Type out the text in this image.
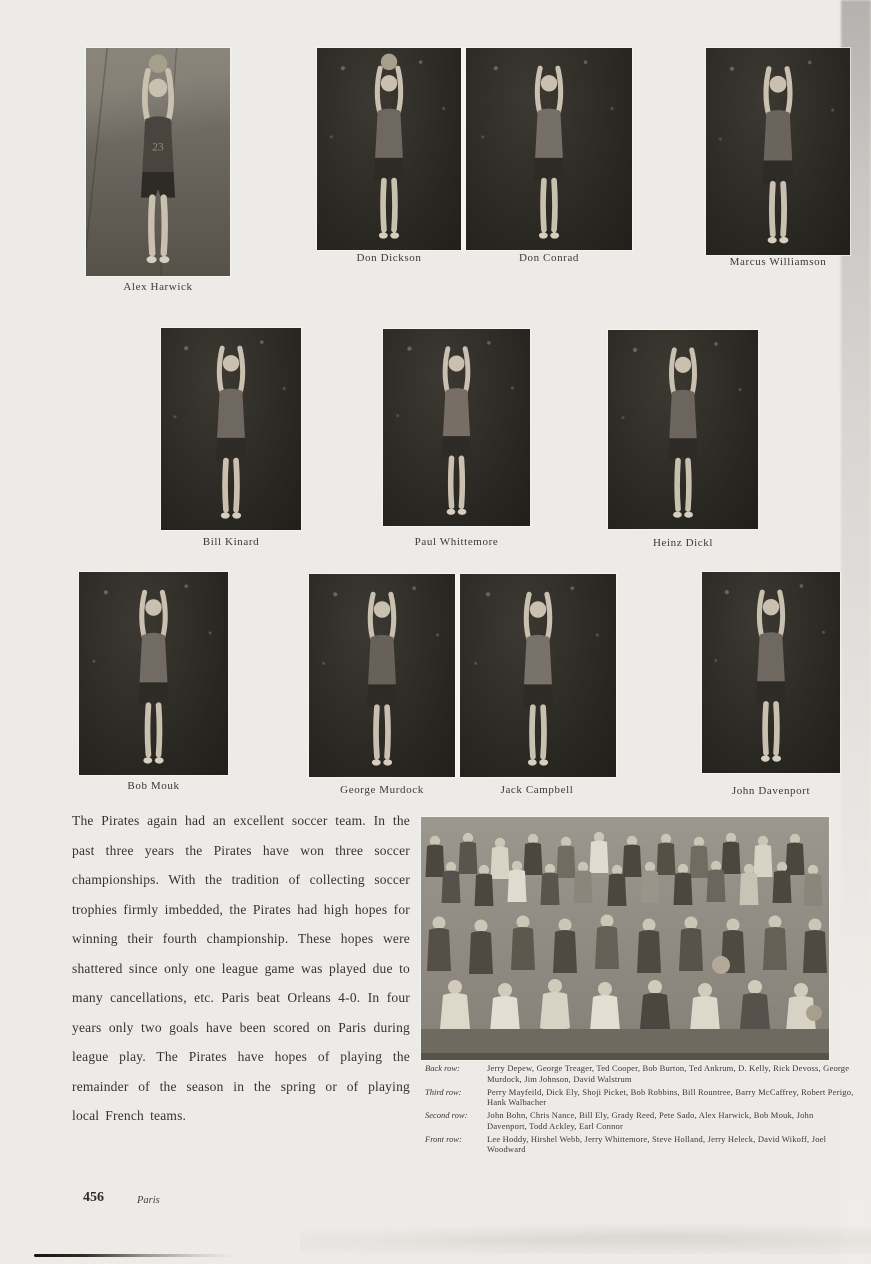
23
Alex Harwick
Don Dickson	Don Conrad	Marcus Williamson
Bill Kinard	Paul Whittemore	Heinz Dickl
Bob Mouk	George Murdock	Jack Campbell	John Davenport

The Pirates again had an excellent soccer team. In the past three years the Pirates have won three soccer championships. With the tradition of collecting soccer trophies firmly imbedded, the Pirates had high hopes for winning their fourth championship. These hopes were shattered since only one league game was played due to many cancellations, etc. Paris beat Orleans 4-0. In four years only two goals have been scored on Paris during league play. The Pirates have hopes of playing the remainder of the season in the spring or of playing local French teams.

Back row:	Jerry Depew, George Treager, Ted Cooper, Bob Burton, Ted Ankrum, D. Kelly, Rick Devoss, George Murdock, Jim Johnson, David Walstrum
Third row:	Perry Mayfeild, Dick Ely, Shoji Picket, Bob Robbins, Bill Rountree, Barry McCaffrey, Robert Perigo, Hank Walbacher
Second row:	John Bohn, Chris Nance, Bill Ely, Grady Reed, Pete Sado, Alex Harwick, Bob Mouk, John Davenport, Todd Ackley, Earl Connor
Front row:	Lee Hoddy, Hirshel Webb, Jerry Whittemore, Steve Holland, Jerry Heleck, David Wikoff, Joel Woodward
456	Paris
